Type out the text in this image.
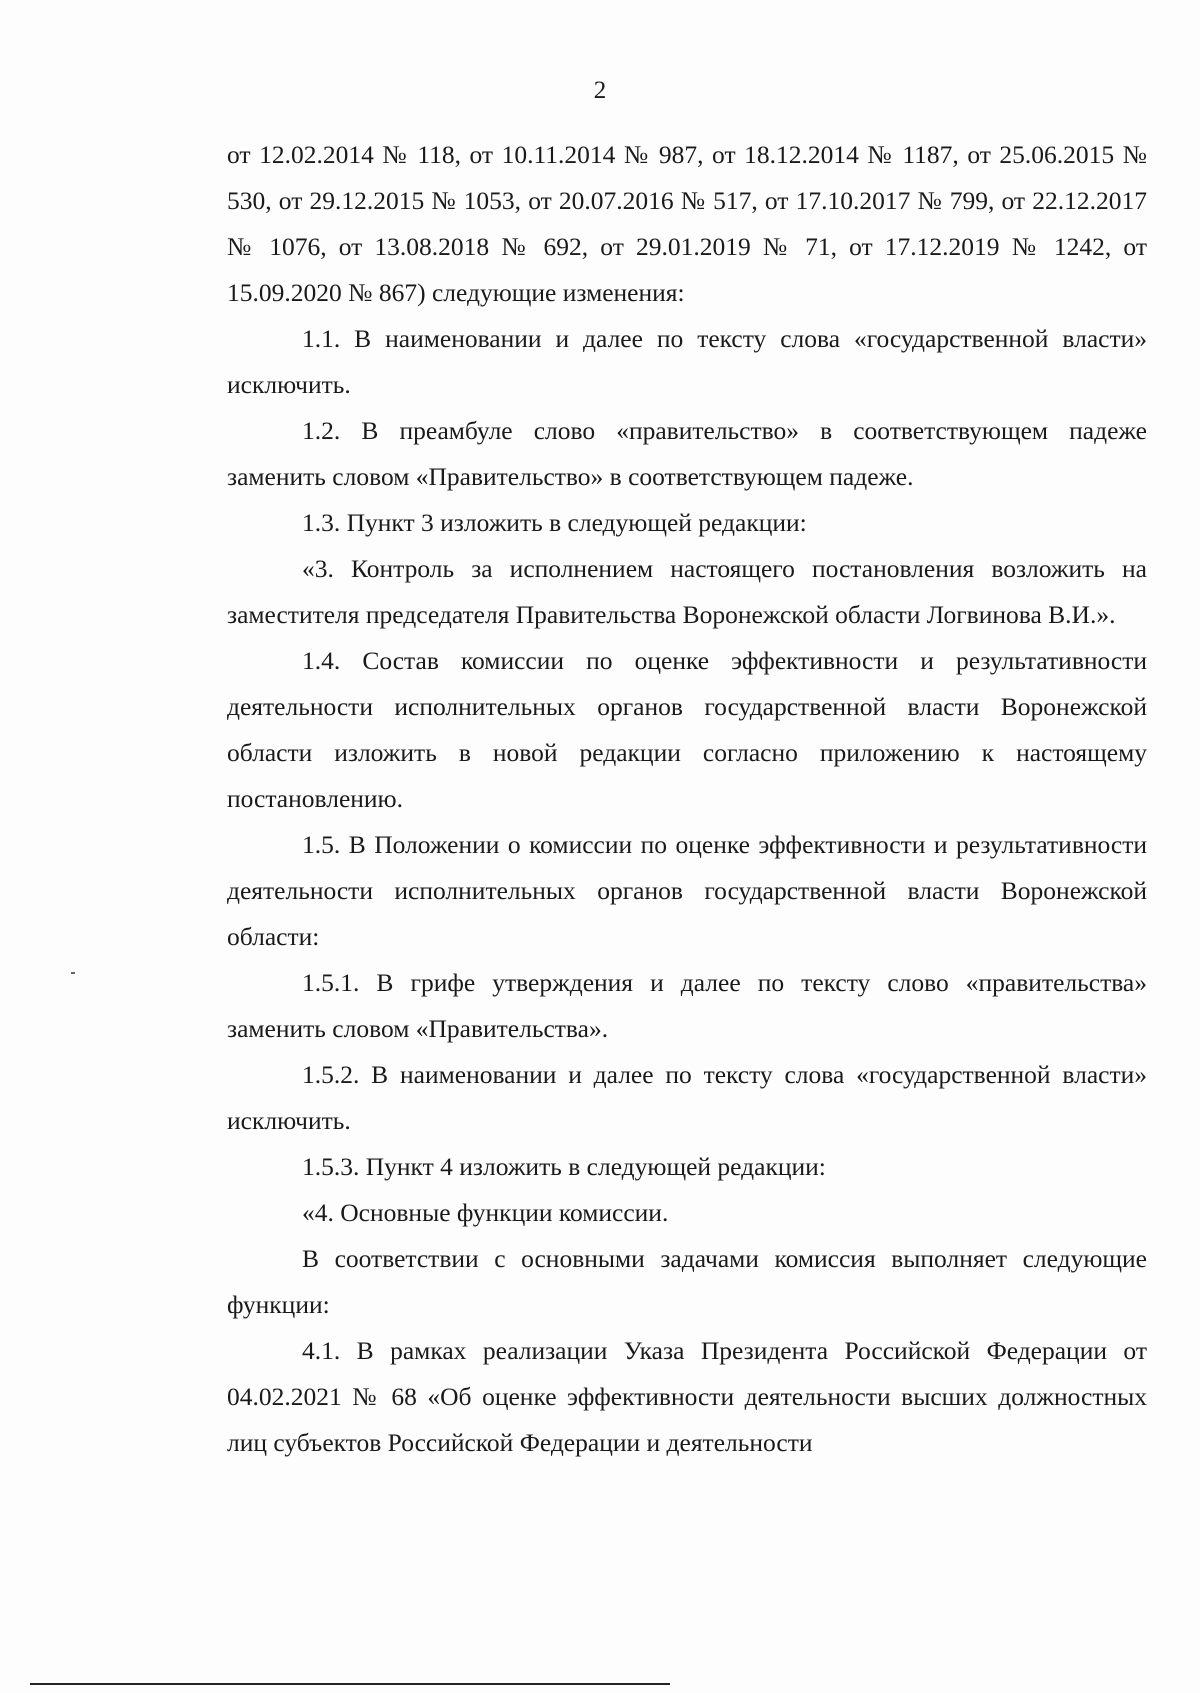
2

от 12.02.2014 № 118, от 10.11.2014 № 987, от 18.12.2014 № 1187, от 25.06.2015 № 530, от 29.12.2015 № 1053, от 20.07.2016 № 517, от 17.10.2017 № 799, от 22.12.2017 № 1076, от 13.08.2018 № 692, от 29.01.2019 № 71, от 17.12.2019 № 1242, от 15.09.2020 № 867) следующие изменения:

1.1. В наименовании и далее по тексту слова «государственной власти» исключить.

1.2. В преамбуле слово «правительство» в соответствующем падеже заменить словом «Правительство» в соответствующем падеже.

1.3. Пункт 3 изложить в следующей редакции:

«3. Контроль за исполнением настоящего постановления возложить на заместителя председателя Правительства Воронежской области Логвинова В.И.».

1.4. Состав комиссии по оценке эффективности и результативности деятельности исполнительных органов государственной власти Воронежской области изложить в новой редакции согласно приложению к настоящему постановлению.

1.5. В Положении о комиссии по оценке эффективности и результативности деятельности исполнительных органов государственной власти Воронежской области:

1.5.1. В грифе утверждения и далее по тексту слово «правительства» заменить словом «Правительства».

1.5.2. В наименовании и далее по тексту слова «государственной власти» исключить.

1.5.3. Пункт 4 изложить в следующей редакции:

«4. Основные функции комиссии.

В соответствии с основными задачами комиссия выполняет следующие функции:

4.1. В рамках реализации Указа Президента Российской Федерации от 04.02.2021 № 68 «Об оценке эффективности деятельности высших должностных лиц субъектов Российской Федерации и деятельности
